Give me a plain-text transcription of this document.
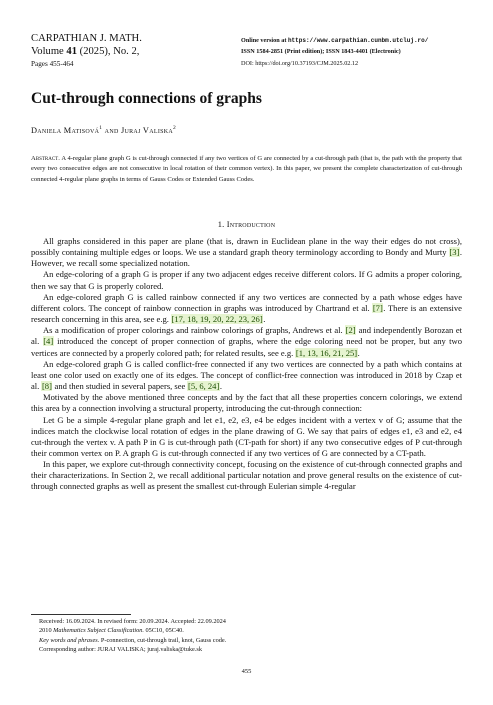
CARPATHIAN J. MATH.
Volume 41 (2025), No. 2,
Pages 455-464
Online version at https://www.carpathian.cunbm.utcluj.ro/
ISSN 1584-2851 (Print edition); ISSN 1843-4401 (Electronic)
DOI: https://doi.org/10.37193/CJM.2025.02.12
Cut-through connections of graphs
Daniela Matisová$^1$ and Juraj Valiska$^2$
Abstract. A 4-regular plane graph G is cut-through connected if any two vertices of G are connected by a cut-through path (that is, the path with the property that every two consecutive edges are not consecutive in local rotation of their common vertex). In this paper, we present the complete characterization of cut-through connected 4-regular plane graphs in terms of Gauss Codes or Extended Gauss Codes.
1. Introduction

All graphs considered in this paper are plane (that is, drawn in Euclidean plane in the way their edges do not cross), possibly containing multiple edges or loops. We use a standard graph theory terminology according to Bondy and Murty [3]. However, we recall some specialized notation.

An edge-coloring of a graph G is proper if any two adjacent edges receive different colors. If G admits a proper coloring, then we say that G is properly colored.

An edge-colored graph G is called rainbow connected if any two vertices are connected by a path whose edges have different colors. The concept of rainbow connection in graphs was introduced by Chartrand et al. [7]. There is an extensive research concerning in this area, see e.g. [17, 18, 19, 20, 22, 23, 26].

As a modification of proper colorings and rainbow colorings of graphs, Andrews et al. [2] and independently Borozan et al. [4] introduced the concept of proper connection of graphs, where the edge coloring need not be proper, but any two vertices are connected by a properly colored path; for related results, see e.g. [1, 13, 16, 21, 25].

An edge-colored graph G is called conflict-free connected if any two vertices are connected by a path which contains at least one color used on exactly one of its edges. The concept of conflict-free connection was introduced in 2018 by Czap et al. [8] and then studied in several papers, see [5, 6, 24].

Motivated by the above mentioned three concepts and by the fact that all these properties concern colorings, we extend this area by a connection involving a structural property, introducing the cut-through connection:

Let G be a simple 4-regular plane graph and let e1, e2, e3, e4 be edges incident with a vertex v of G; assume that the indices match the clockwise local rotation of edges in the plane drawing of G. We say that pairs of edges e1, e3 and e2, e4 cut-through the vertex v. A path P in G is cut-through path (CT-path for short) if any two consecutive edges of P cut-through their common vertex on P. A graph G is cut-through connected if any two vertices of G are connected by a CT-path.

In this paper, we explore cut-through connectivity concept, focusing on the existence of cut-through connected graphs and their characterizations. In Section 2, we recall additional particular notation and prove general results on the existence of cut-through connected graphs as well as present the smallest cut-through Eulerian simple 4-regular

Received: 16.09.2024. In revised form: 20.09.2024. Accepted: 22.09.2024
2010 Mathematics Subject Classification. 05C10, 05C40.
Key words and phrases. P-connection, cut-through trail, knot, Gauss code.
Corresponding author: JURAJ VALISKA; juraj.valiska@tuke.sk
455
